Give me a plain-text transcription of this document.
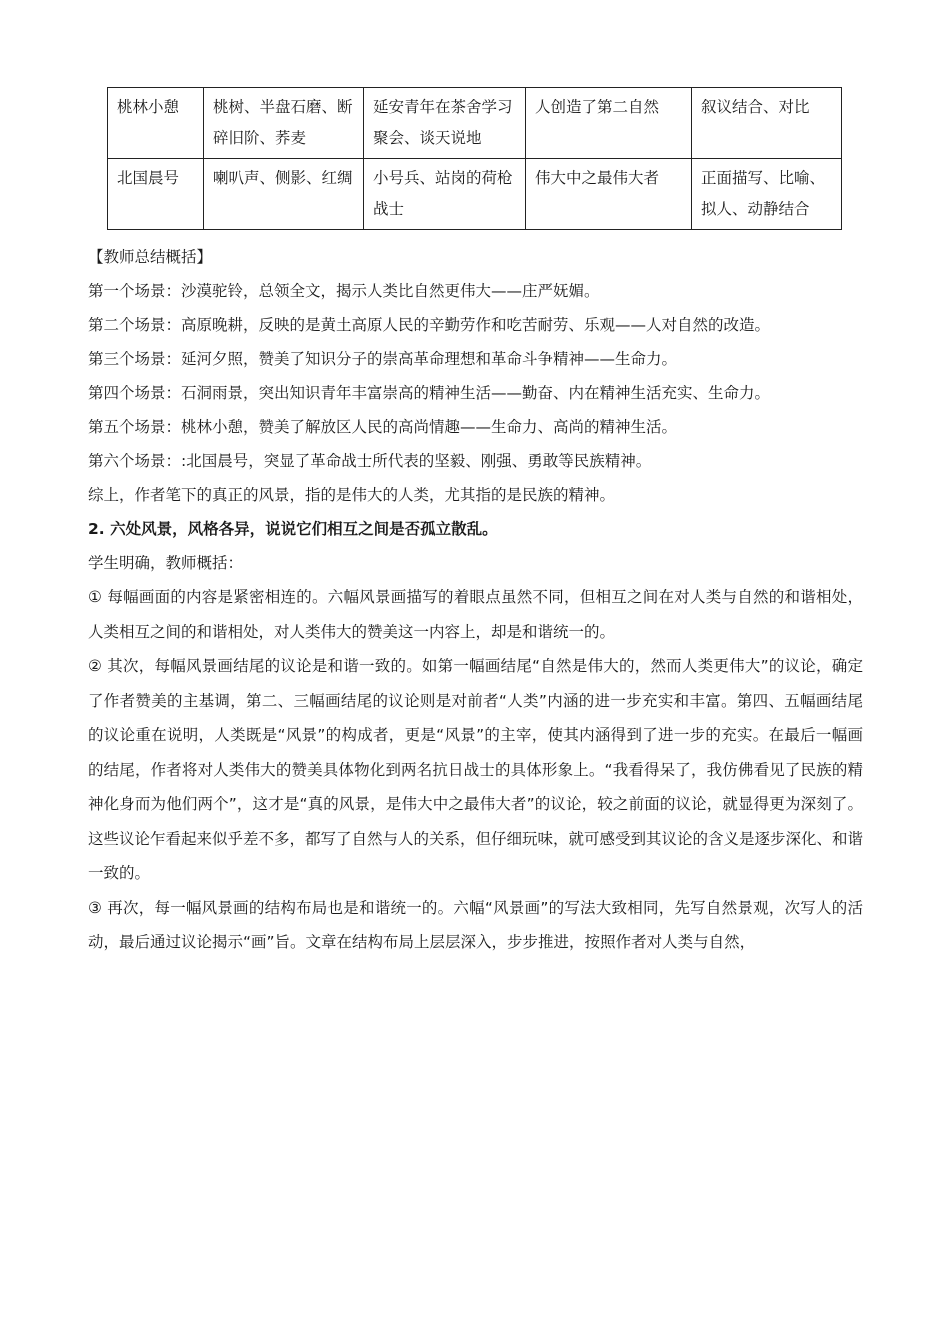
桃林小憩	桃树、半盘石磨、断碎旧阶、荞麦	延安青年在茶舍学习聚会、谈天说地	人创造了第二自然	叙议结合、对比
北国晨号	喇叭声、侧影、红绸	小号兵、站岗的荷枪战士	伟大中之最伟大者	正面描写、比喻、拟人、动静结合

【教师总结概括】

第一个场景：沙漠驼铃，总领全文，揭示人类比自然更伟大——庄严妩媚。

第二个场景：高原晚耕，反映的是黄土高原人民的辛勤劳作和吃苦耐劳、乐观——人对自然的改造。

第三个场景：延河夕照，赞美了知识分子的崇高革命理想和革命斗争精神——生命力。

第四个场景：石洞雨景，突出知识青年丰富崇高的精神生活——勤奋、内在精神生活充实、生命力。

第五个场景：桃林小憩，赞美了解放区人民的高尚情趣——生命力、高尚的精神生活。

第六个场景：:北国晨号，突显了革命战士所代表的坚毅、刚强、勇敢等民族精神。

综上，作者笔下的真正的风景，指的是伟大的人类，尤其指的是民族的精神。

2. 六处风景，风格各异，说说它们相互之间是否孤立散乱。

学生明确，教师概括：

① 每幅画面的内容是紧密相连的。六幅风景画描写的着眼点虽然不同，但相互之间在对人类与自然的和谐相处，人类相互之间的和谐相处，对人类伟大的赞美这一内容上，却是和谐统一的。

② 其次，每幅风景画结尾的议论是和谐一致的。如第一幅画结尾“自然是伟大的，然而人类更伟大”的议论，确定了作者赞美的主基调，第二、三幅画结尾的议论则是对前者“人类”内涵的进一步充实和丰富。第四、五幅画结尾的议论重在说明，人类既是“风景”的构成者，更是“风景”的主宰，使其内涵得到了进一步的充实。在最后一幅画的结尾，作者将对人类伟大的赞美具体物化到两名抗日战士的具体形象上。“我看得呆了，我仿佛看见了民族的精神化身而为他们两个”，这才是“真的风景，是伟大中之最伟大者”的议论，较之前面的议论，就显得更为深刻了。这些议论乍看起来似乎差不多，都写了自然与人的关系，但仔细玩味，就可感受到其议论的含义是逐步深化、和谐一致的。

③ 再次，每一幅风景画的结构布局也是和谐统一的。六幅“风景画”的写法大致相同，先写自然景观，次写人的活动，最后通过议论揭示“画”旨。文章在结构布局上层层深入，步步推进，按照作者对人类与自然，
